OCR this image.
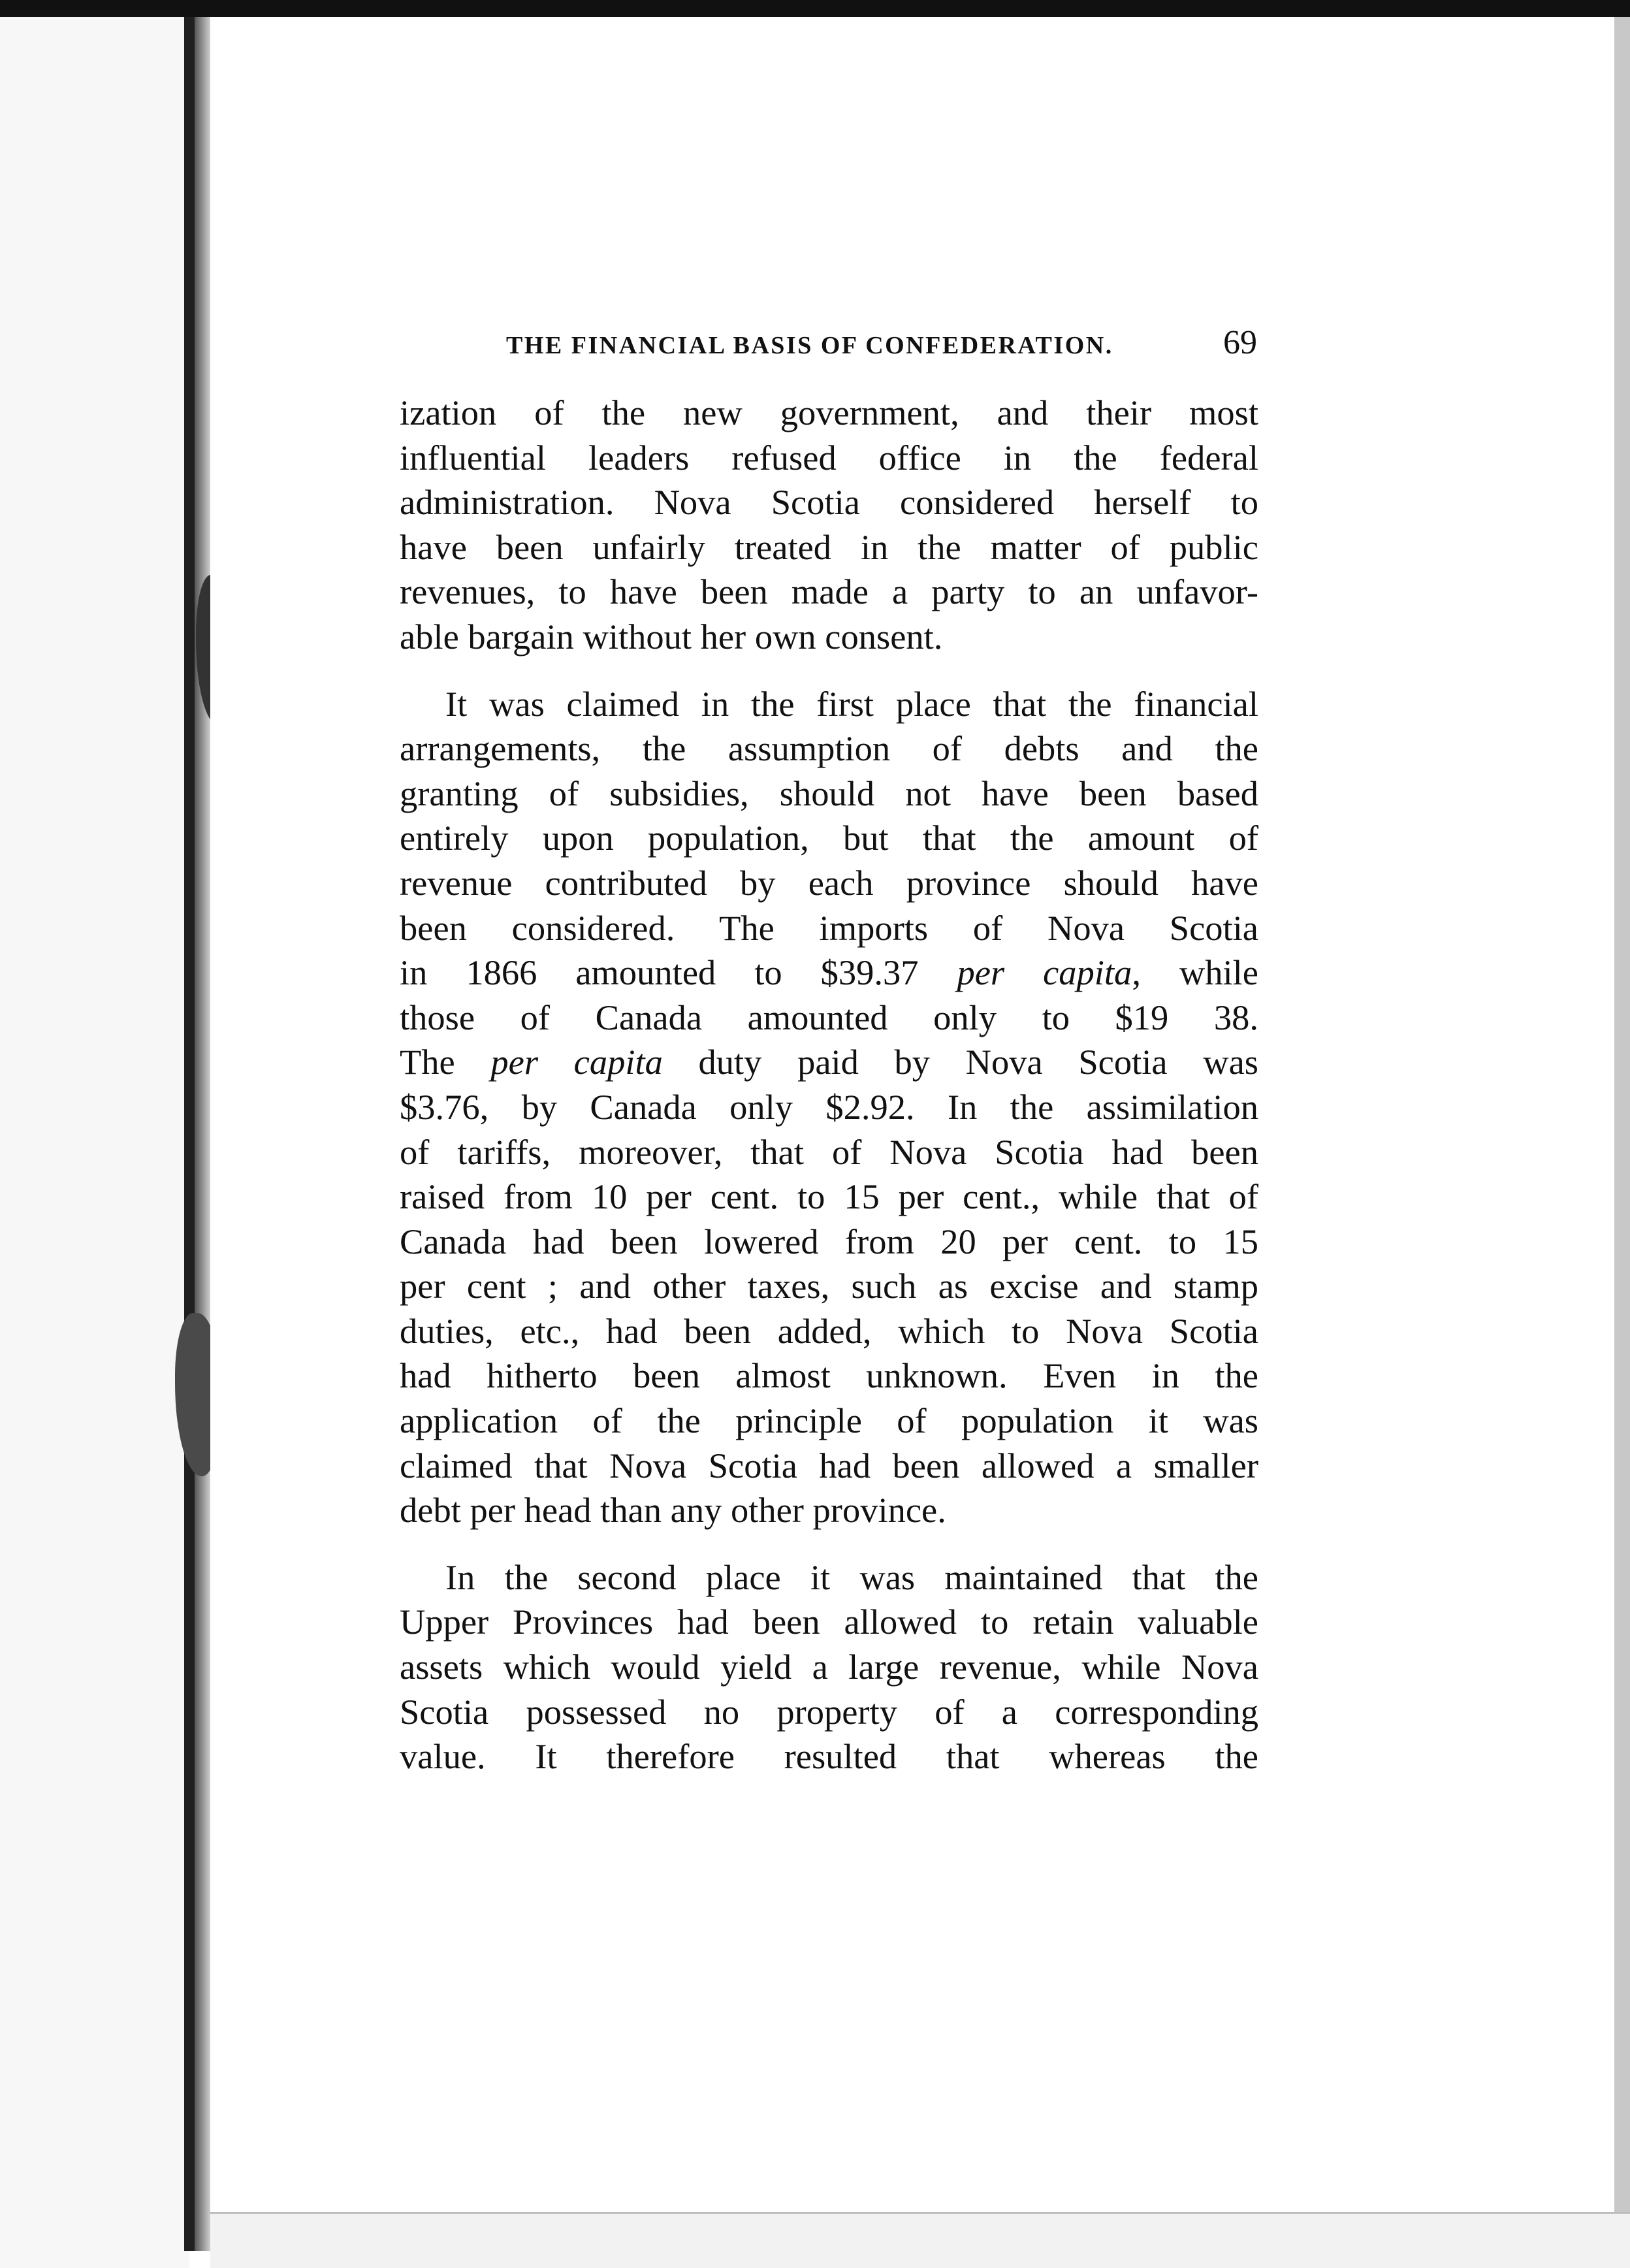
THE FINANCIAL BASIS OF CONFEDERATION.	69
ization of the new government, and their most
influential leaders refused office in the federal
administration. Nova Scotia considered herself to
have been unfairly treated in the matter of public
revenues, to have been made a party to an unfavor-
able bargain without her own consent.
It was claimed in the first place that the financial
arrangements, the assumption of debts and the
granting of subsidies, should not have been based
entirely upon population, but that the amount of
revenue contributed by each province should have
been considered. The imports of Nova Scotia
in 1866 amounted to $39.37 per capita, while
those of Canada amounted only to $19 38.
The per capita duty paid by Nova Scotia was
$3.76, by Canada only $2.92. In the assimilation
of tariffs, moreover, that of Nova Scotia had been
raised from 10 per cent. to 15 per cent., while that of
Canada had been lowered from 20 per cent. to 15
per cent ; and other taxes, such as excise and stamp
duties, etc., had been added, which to Nova Scotia
had hitherto been almost unknown. Even in the
application of the principle of population it was
claimed that Nova Scotia had been allowed a smaller
debt per head than any other province.
In the second place it was maintained that the
Upper Provinces had been allowed to retain valuable
assets which would yield a large revenue, while Nova
Scotia possessed no property of a corresponding
value. It therefore resulted that whereas the
